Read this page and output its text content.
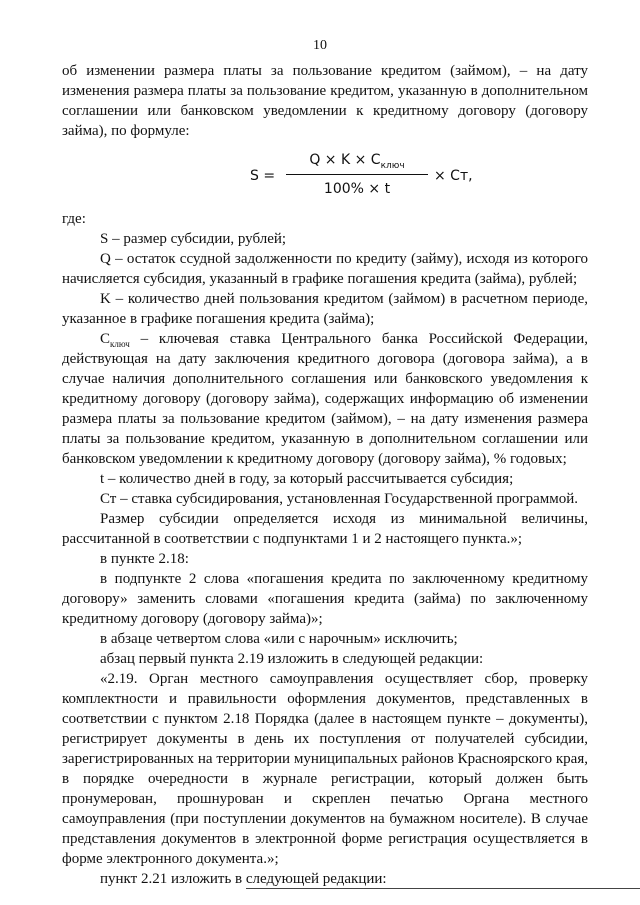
10

об изменении размера платы за пользование кредитом (займом), – на дату изменения размера платы за пользование кредитом, указанную в дополнительном соглашении или банковском уведомлении к кредитному договору (договору займа), по формуле:

S =
$Q \times K \times C_{ключ}$
100% × t
× Ст,

где:

S – размер субсидии, рублей;

Q – остаток ссудной задолженности по кредиту (займу), исходя из которого начисляется субсидия, указанный в графике погашения кредита (займа), рублей;

K – количество дней пользования кредитом (займом) в расчетном периоде, указанное в графике погашения кредита (займа);

$C_{ключ}$ – ключевая ставка Центрального банка Российской Федерации, действующая на дату заключения кредитного договора (договора займа), а в случае наличия дополнительного соглашения или банковского уведомления к кредитному договору (договору займа), содержащих информацию об изменении размера платы за пользование кредитом (займом), – на дату изменения размера платы за пользование кредитом, указанную в дополнительном соглашении или банковском уведомлении к кредитному договору (договору займа), % годовых;

t – количество дней в году, за который рассчитывается субсидия;

Ст – ставка субсидирования, установленная Государственной программой.

Размер субсидии определяется исходя из минимальной величины, рассчитанной в соответствии с подпунктами 1 и 2 настоящего пункта.»;

в пункте 2.18:

в подпункте 2 слова «погашения кредита по заключенному кредитному договору» заменить словами «погашения кредита (займа) по заключенному кредитному договору (договору займа)»;

в абзаце четвертом слова «или с нарочным» исключить;

абзац первый пункта 2.19 изложить в следующей редакции:

«2.19. Орган местного самоуправления осуществляет сбор, проверку комплектности и правильности оформления документов, представленных в соответствии с пунктом 2.18 Порядка (далее в настоящем пункте – документы), регистрирует документы в день их поступления от получателей субсидии, зарегистрированных на территории муниципальных районов Красноярского края, в порядке очередности в журнале регистрации, который должен быть пронумерован, прошнурован и скреплен печатью Органа местного самоуправления (при поступлении документов на бумажном носителе). В случае представления документов в электронной форме регистрация осуществляется в форме электронного документа.»;

пункт 2.21 изложить в следующей редакции:
